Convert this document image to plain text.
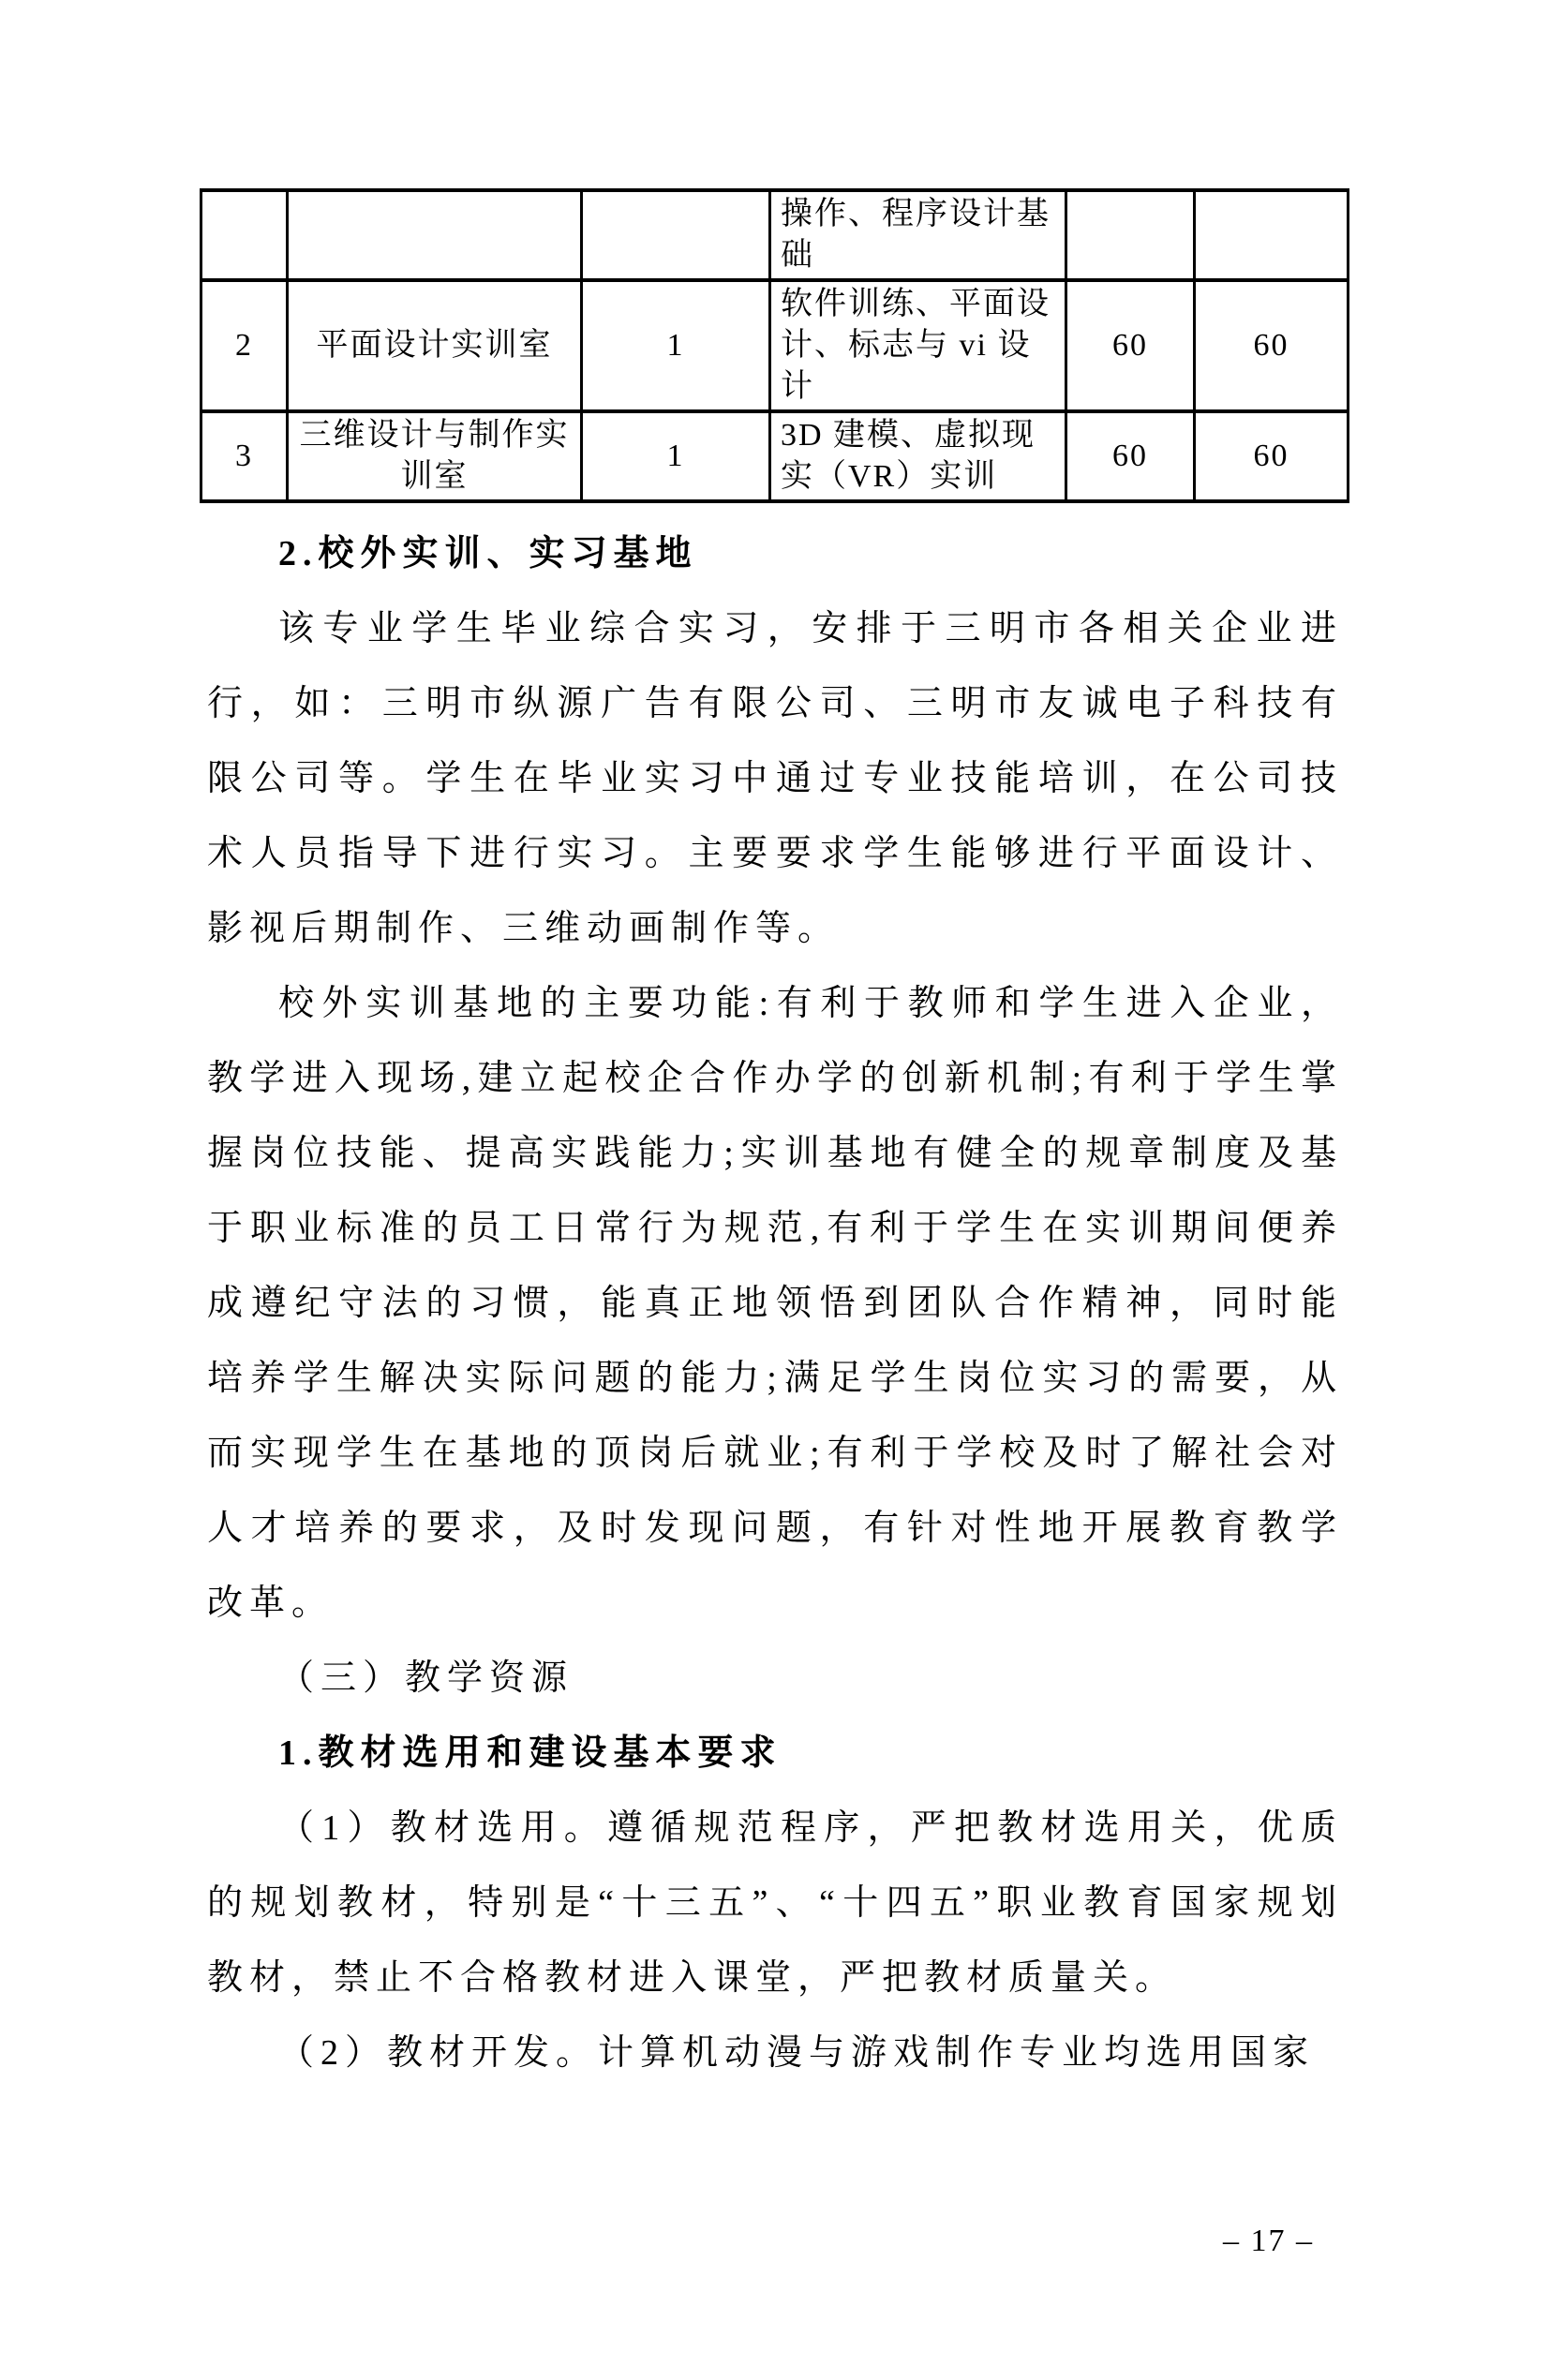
			操作、程序设计基础		
2	平面设计实训室	1	软件训练、平面设计、标志与 vi 设计	60	60
3	三维设计与制作实训室	1	3D 建模、虚拟现实（VR）实训	60	60
2.校外实训、实习基地

该专业学生毕业综合实习，安排于三明市各相关企业进行，如：三明市纵源广告有限公司、三明市友诚电子科技有限公司等。学生在毕业实习中通过专业技能培训，在公司技术人员指导下进行实习。主要要求学生能够进行平面设计、影视后期制作、三维动画制作等。

校外实训基地的主要功能:有利于教师和学生进入企业，教学进入现场,建立起校企合作办学的创新机制;有利于学生掌握岗位技能、提高实践能力;实训基地有健全的规章制度及基于职业标准的员工日常行为规范,有利于学生在实训期间便养成遵纪守法的习惯，能真正地领悟到团队合作精神，同时能培养学生解决实际问题的能力;满足学生岗位实习的需要，从而实现学生在基地的顶岗后就业;有利于学校及时了解社会对人才培养的要求，及时发现问题，有针对性地开展教育教学改革。

（三）教学资源
1.教材选用和建设基本要求

（1）教材选用。遵循规范程序，严把教材选用关，优质的规划教材，特别是“十三五”、“十四五”职业教育国家规划教材，禁止不合格教材进入课堂，严把教材质量关。

（2）教材开发。计算机动漫与游戏制作专业均选用国家

– 17 –
